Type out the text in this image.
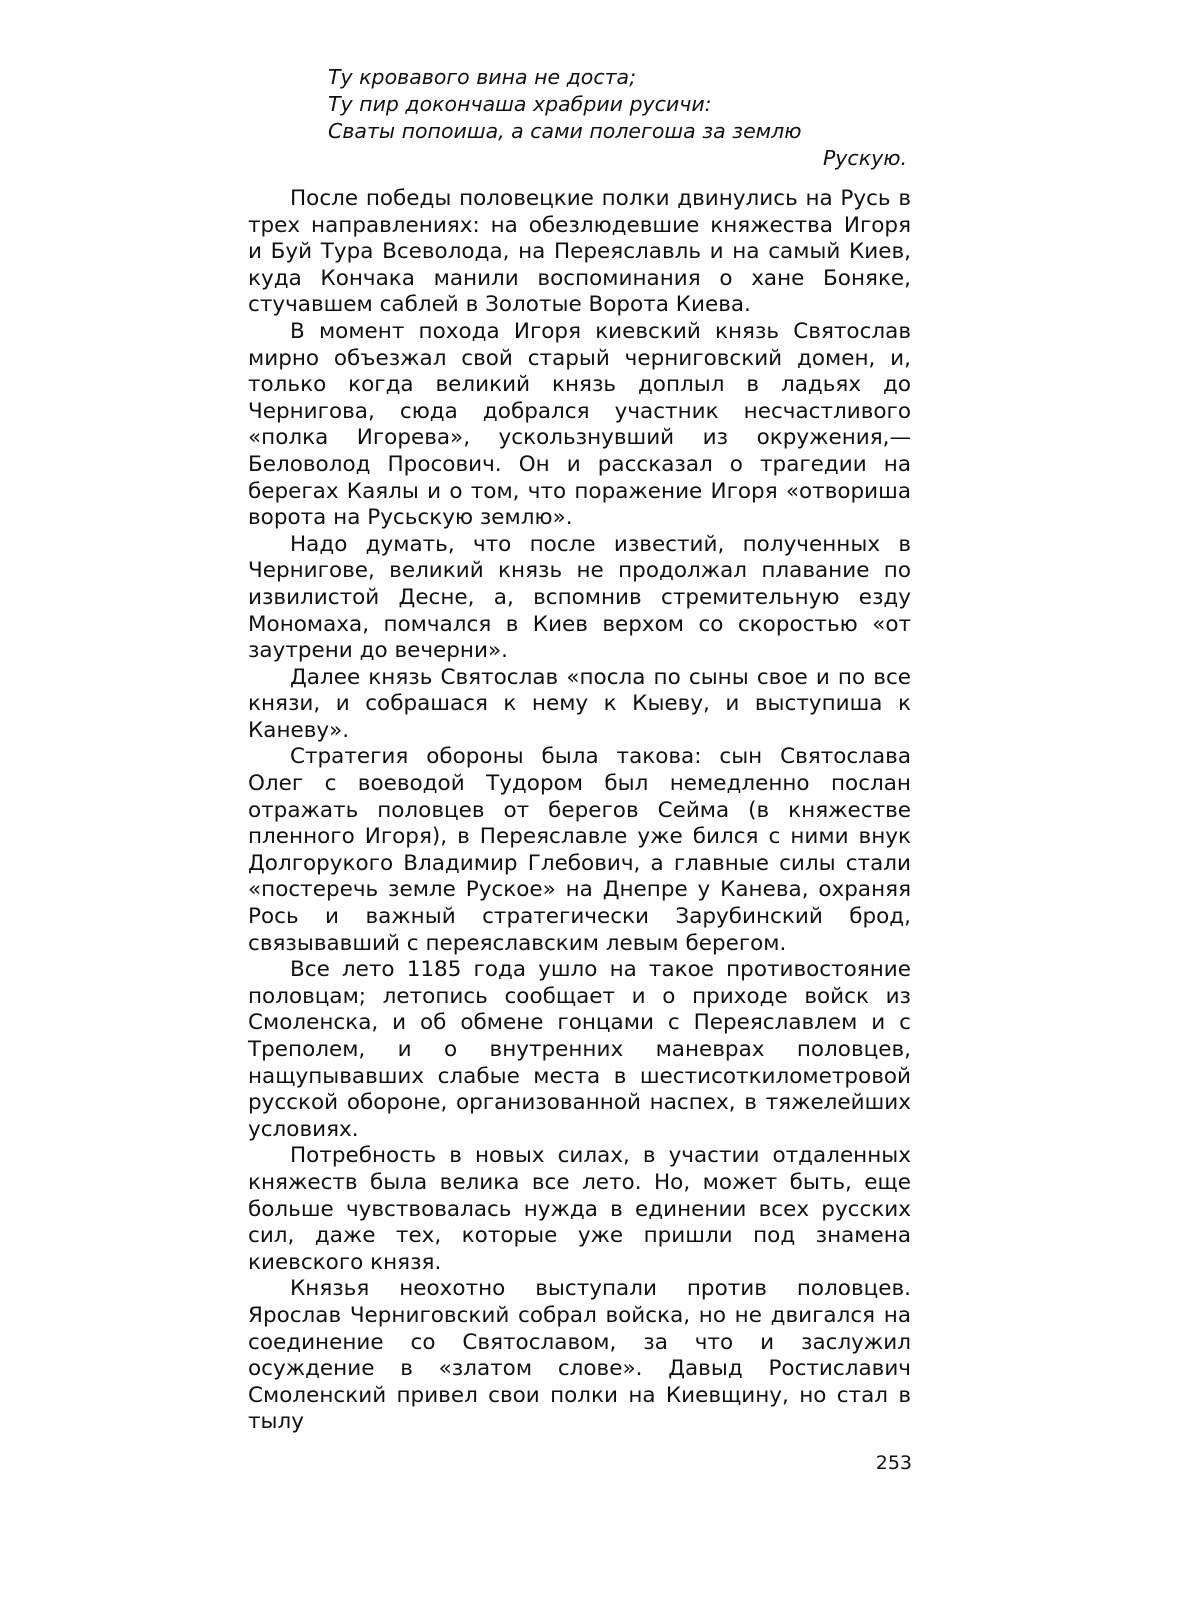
Ту кровавого вина не доста;
Ту пир докончаша храбрии русичи:
Сваты попоиша, а сами полегоша за землю
Рускую.

После победы половецкие полки двинулись на Русь в трех направлениях: на обезлюдевшие княжества Игоря и Буй Тура Всеволода, на Переяславль и на самый Киев, куда Кончака манили воспоминания о хане Боняке, стучавшем саблей в Золотые Ворота Киева.

В момент похода Игоря киевский князь Святослав мирно объезжал свой старый черниговский домен, и, только когда великий князь доплыл в ладьях до Чернигова, сюда добрался участник несчастливого «полка Игорева», ускользнувший из окружения,— Беловолод Просович. Он и рассказал о трагедии на берегах Каялы и о том, что поражение Игоря «отвориша ворота на Русьскую землю».

Надо думать, что после известий, полученных в Чернигове, великий князь не продолжал плавание по извилистой Десне, а, вспомнив стремительную езду Мономаха, помчался в Киев верхом со скоростью «от заутрени до вечерни».

Далее князь Святослав «посла по сыны свое и по все князи, и собрашася к нему к Кыеву, и выступиша к Каневу».

Стратегия обороны была такова: сын Святослава Олег с воеводой Тудором был немедленно послан отражать половцев от берегов Сейма (в княжестве пленного Игоря), в Переяславле уже бился с ними внук Долгорукого Владимир Глебович, а главные силы стали «постеречь земле Руское» на Днепре у Канева, охраняя Рось и важный стратегически Зарубинский брод, связывавший с переяславским левым берегом.

Все лето 1185 года ушло на такое противостояние половцам; летопись сообщает и о приходе войск из Смоленска, и об обмене гонцами с Переяславлем и с Треполем, и о внутренних маневрах половцев, нащупывавших слабые места в шестисоткилометровой русской обороне, организованной наспех, в тяжелейших условиях.

Потребность в новых силах, в участии отдаленных княжеств была велика все лето. Но, может быть, еще больше чувствовалась нужда в единении всех русских сил, даже тех, которые уже пришли под знамена киевского князя.

Князья неохотно выступали против половцев. Ярослав Черниговский собрал войска, но не двигался на соединение со Святославом, за что и заслужил осуждение в «златом слове». Давыд Ростиславич Смоленский привел свои полки на Киевщину, но стал в тылу

253
